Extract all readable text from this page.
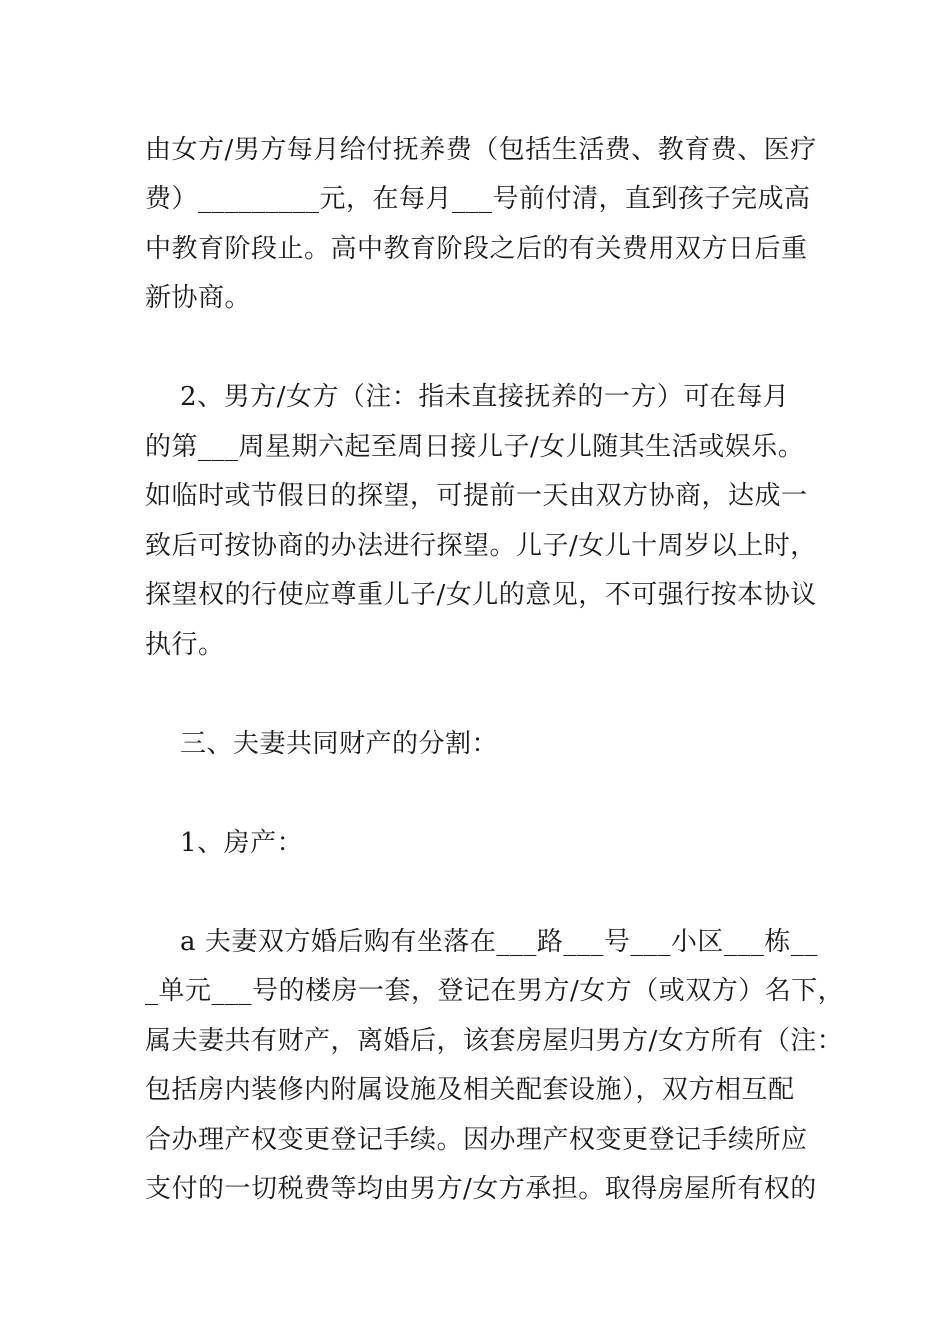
由女方/男方每月给付抚养费（包括生活费、教育费、医疗
费）_________元，在每月___号前付清，直到孩子完成高
中教育阶段止。高中教育阶段之后的有关费用双方日后重
新协商。
2、男方/女方（注：指未直接抚养的一方）可在每月
的第___周星期六起至周日接儿子/女儿随其生活或娱乐。
如临时或节假日的探望，可提前一天由双方协商，达成一
致后可按协商的办法进行探望。儿子/女儿十周岁以上时，
探望权的行使应尊重儿子/女儿的意见，不可强行按本协议
执行。
三、夫妻共同财产的分割：
1、房产：
a 夫妻双方婚后购有坐落在___路___号___小区___栋__
_单元___号的楼房一套，登记在男方/女方（或双方）名下，
属夫妻共有财产，离婚后，该套房屋归男方/女方所有（注：
包括房内装修内附属设施及相关配套设施），双方相互配
合办理产权变更登记手续。因办理产权变更登记手续所应
支付的一切税费等均由男方/女方承担。取得房屋所有权的
